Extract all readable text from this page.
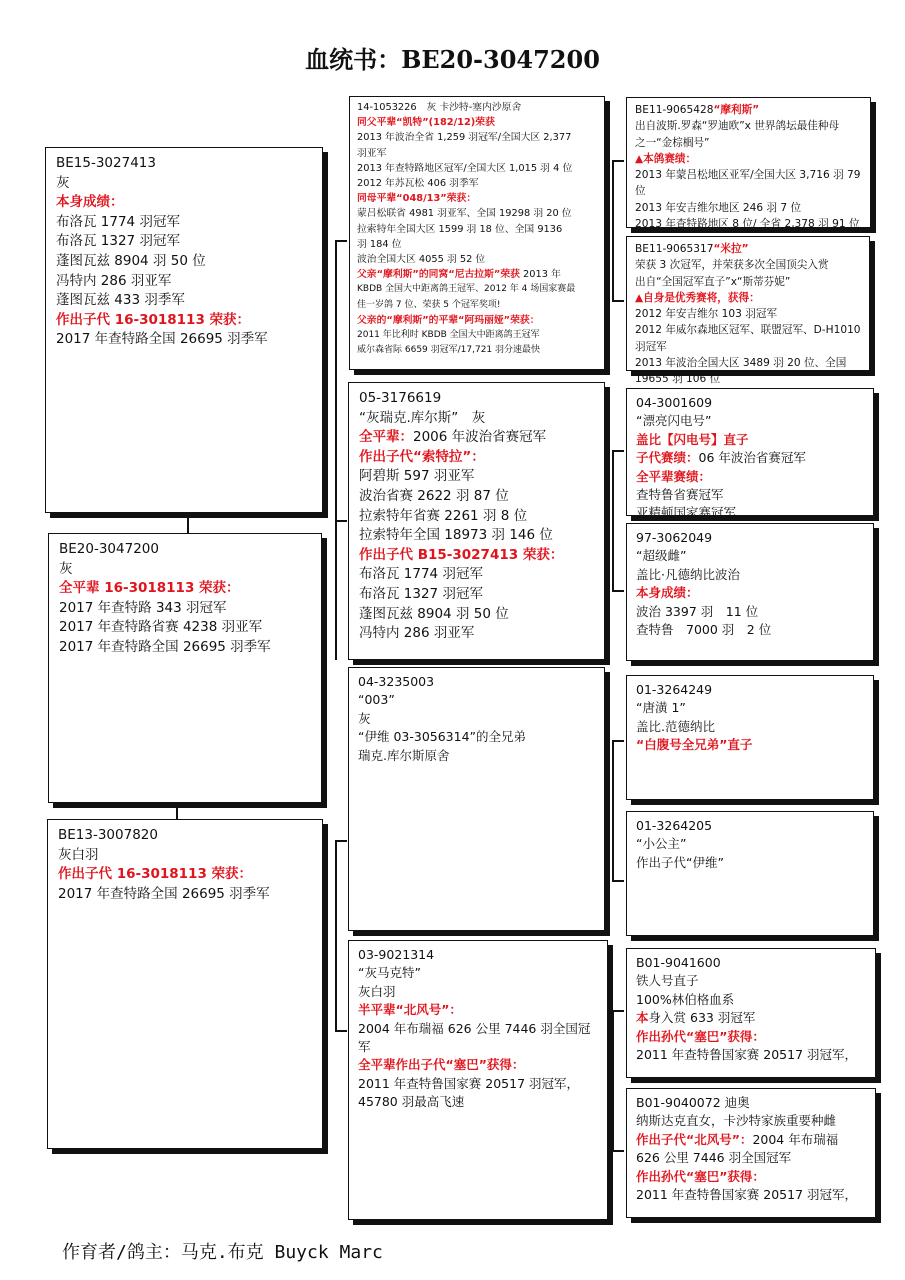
血统书：BE20-3047200
BE15-3027413
灰
本身成绩：
布洛瓦 1774 羽冠军
布洛瓦 1327 羽冠军
蓬图瓦兹 8904 羽 50 位
冯特内 286 羽亚军
蓬图瓦兹 433 羽季军
作出子代 16-3018113 荣获：
2017 年查特路全国 26695 羽季军
BE20-3047200
灰
全平辈 16-3018113 荣获：
2017 年查特路 343 羽冠军
2017 年查特路省赛 4238 羽亚军
2017 年查特路全国 26695 羽季军
BE13-3007820
灰白羽
作出子代 16-3018113 荣获：
2017 年查特路全国 26695 羽季军
14-1053226　灰 卡沙特-塞内沙原舍
同父平辈“凯特”(182/12)荣获
2013 年波治全省 1,259 羽冠军/全国大区 2,377
羽亚军
2013 年查特路地区冠军/全国大区 1,015 羽 4 位
2012 年苏瓦松 406 羽季军
同母平辈“048/13”荣获：
蒙吕松联省 4981 羽亚军、全国 19298 羽 20 位
拉索特年全国大区 1599 羽 18 位、全国 9136
羽 184 位
波治全国大区 4055 羽 52 位
父亲“摩利斯”的同窝“尼古拉斯”荣获 2013 年
KBDB 全国大中距离鸽王冠军、2012 年 4 场国家赛最
佳一岁鸽 7 位、荣获 5 个冠军奖项!
父亲的“摩利斯”的平辈“阿玛丽娅”荣获：
2011 年比利时 KBDB 全国大中距离鸽王冠军
威尔森省际 6659 羽冠军/17,721 羽分速最快
05-3176619
“灰瑞克.库尔斯”　灰
全平辈：2006 年波治省赛冠军
作出子代“索特拉”：
阿碧斯 597 羽亚军
波治省赛 2622 羽 87 位
拉索特年省赛 2261 羽 8 位
拉索特年全国 18973 羽 146 位
作出子代 B15-3027413 荣获：
布洛瓦 1774 羽冠军
布洛瓦 1327 羽冠军
蓬图瓦兹 8904 羽 50 位
冯特内 286 羽亚军
04-3235003
“003”
灰
“伊维 03-3056314”的全兄弟
瑞克.库尔斯原舍
03-9021314
“灰马克特”
灰白羽
半平辈“北风号”：
2004 年布瑞福 626 公里 7446 羽全国冠
军
全平辈作出子代“塞巴”获得：
2011 年查特鲁国家赛 20517 羽冠军，
45780 羽最高飞速
BE11-9065428“摩利斯”
出自波斯.罗森“罗迪欧”x 世界鸽坛最佳种母
之一“金棕榈号”
▲本鸽赛绩：
2013 年蒙吕松地区亚军/全国大区 3,716 羽 79
位
2013 年安吉维尔地区 246 羽 7 位
2013 年查特路地区 8 位/ 全省 2,378 羽 91 位
BE11-9065317“米拉”
荣获 3 次冠军，并荣获多次全国顶尖入赏
出自“全国冠军直子”x“斯蒂芬妮”
▲自身是优秀赛将，获得：
2012 年安吉维尔 103 羽冠军
2012 年威尔森地区冠军、联盟冠军、D-H1010
羽冠军
2013 年波治全国大区 3489 羽 20 位、全国
19655 羽 106 位
04-3001609
“漂亮闪电号”
盖比【闪电号】直子
子代赛绩：06 年波治省赛冠军
全平辈赛绩：
查特鲁省赛冠军
亚精顿国家赛冠军
97-3062049
“超级雌”
盖比·凡德纳比波治
本身成绩：
波治 3397 羽　11 位
查特鲁　7000 羽　2 位
01-3264249
“唐潢 1”
盖比.范德纳比
“白腹号全兄弟”直子
01-3264205
“小公主”
作出子代“伊维”
B01-9041600
铁人号直子
100%林伯格血系
本身入赏 633 羽冠军
作出孙代“塞巴”获得：
2011 年查特鲁国家赛 20517 羽冠军，
B01-9040072 迪奥
纳斯达克直女，卡沙特家族重要种雌
作出子代“北风号”：2004 年布瑞福
626 公里 7446 羽全国冠军
作出孙代“塞巴”获得：
2011 年查特鲁国家赛 20517 羽冠军，
作育者/鸽主：马克.布克 Buyck Marc
